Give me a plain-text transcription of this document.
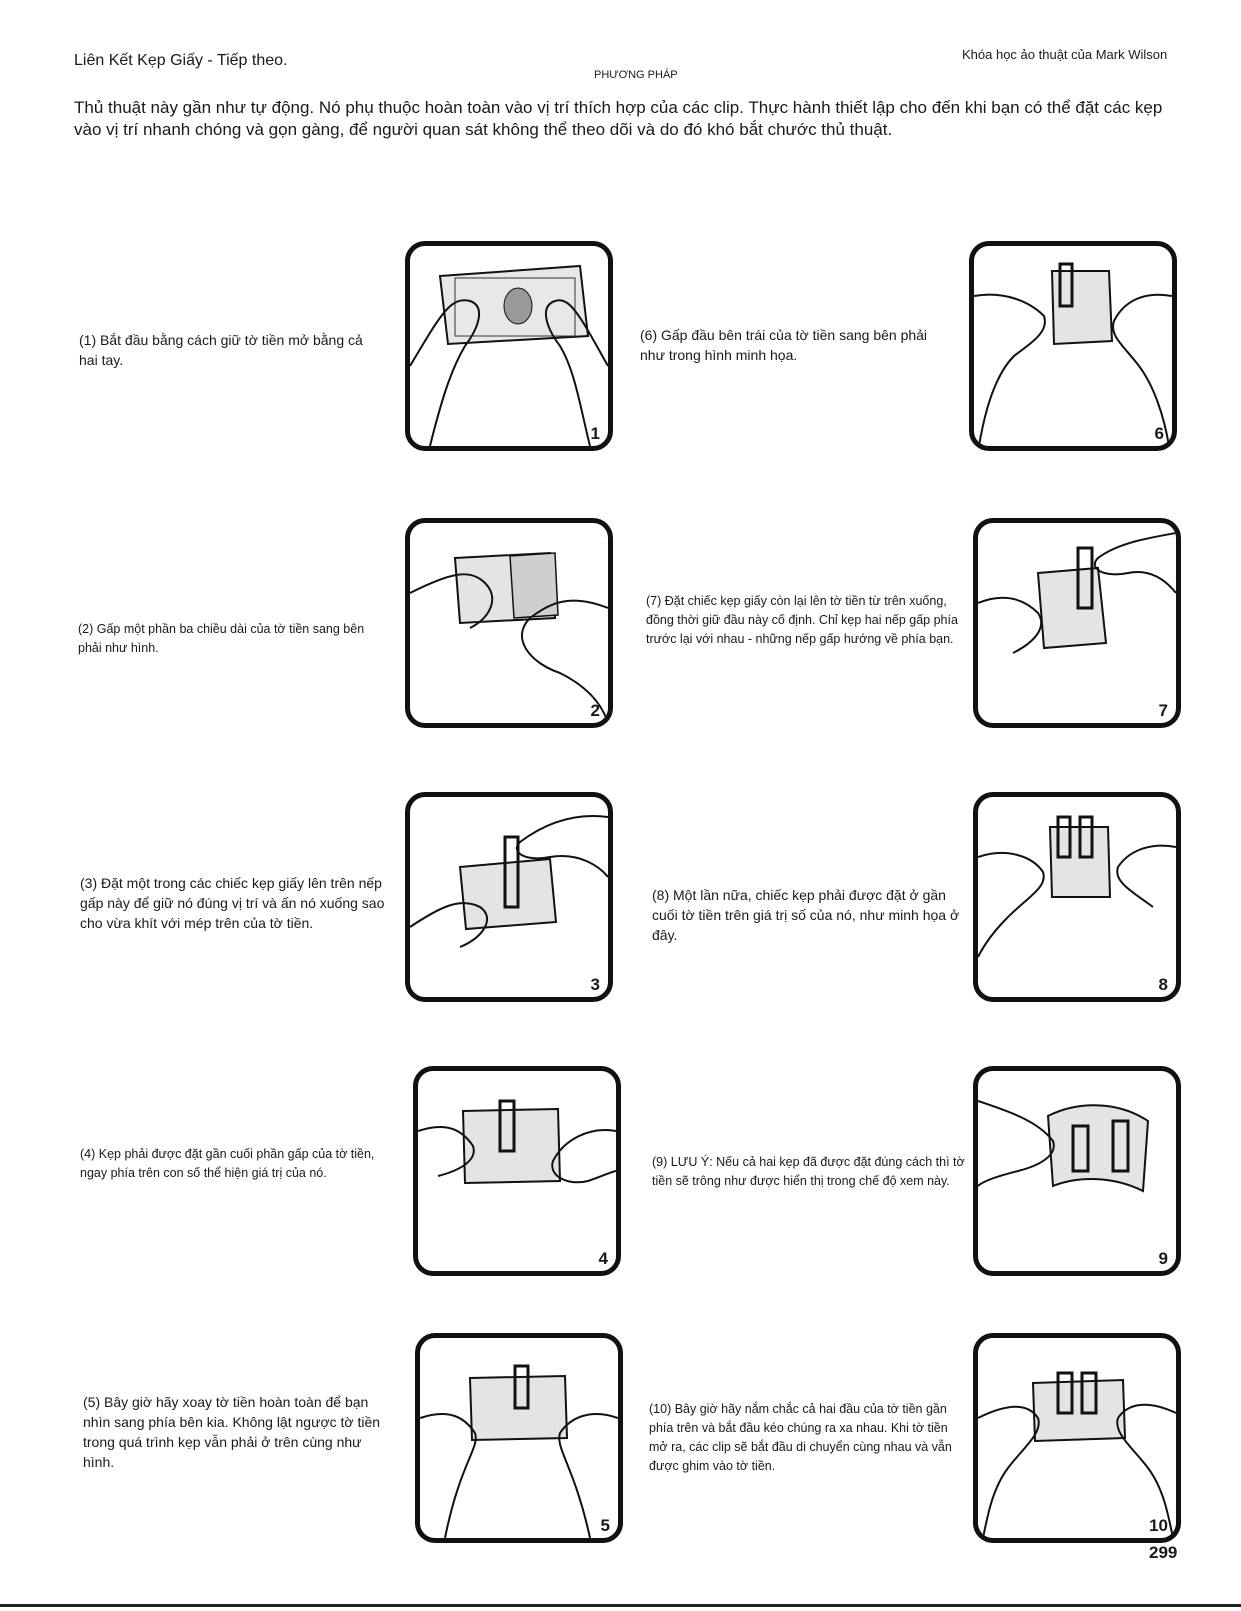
Liên Kết Kẹp Giấy - Tiếp theo.	Khóa học ảo thuật của Mark Wilson
PHƯƠNG PHÁP
Thủ thuật này gần như tự động. Nó phụ thuộc hoàn toàn vào vị trí thích hợp của các clip. Thực hành thiết lập cho đến khi bạn có thể đặt các kẹp vào vị trí nhanh chóng và gọn gàng, để người quan sát không thể theo dõi và do đó khó bắt chước thủ thuật.
(1) Bắt đầu bằng cách giữ tờ tiền mở bằng cả hai tay.
(2) Gấp một phần ba chiều dài của tờ tiền sang bên phải như hình.
(3) Đặt một trong các chiếc kẹp giấy lên trên nếp gấp này để giữ nó đúng vị trí và ấn nó xuống sao cho vừa khít với mép trên của tờ tiền.
(4) Kẹp phải được đặt gần cuối phần gấp của tờ tiền, ngay phía trên con số thể hiện giá trị của nó.
(5) Bây giờ hãy xoay tờ tiền hoàn toàn để bạn nhìn sang phía bên kia. Không lật ngược tờ tiền trong quá trình kẹp vẫn phải ở trên cùng như hình.
(6) Gấp đầu bên trái của tờ tiền sang bên phải như trong hình minh họa.
(7) Đặt chiếc kẹp giấy còn lại lên tờ tiền từ trên xuống, đồng thời giữ đầu này cố định. Chỉ kẹp hai nếp gấp phía trước lại với nhau - những nếp gấp hướng về phía bạn.
(8) Một lần nữa, chiếc kẹp phải được đặt ở gần cuối tờ tiền trên giá trị số của nó, như minh họa ở đây.
(9) LƯU Ý: Nếu cả hai kẹp đã được đặt đúng cách thì tờ tiền sẽ trông như được hiển thị trong chế độ xem này.
(10) Bây giờ hãy nắm chắc cả hai đầu của tờ tiền gần phía trên và bắt đầu kéo chúng ra xa nhau. Khi tờ tiền mở ra, các clip sẽ bắt đầu di chuyển cùng nhau và vẫn được ghim vào tờ tiền.
1
2
3
4
5
6
7
8
9
10
299
